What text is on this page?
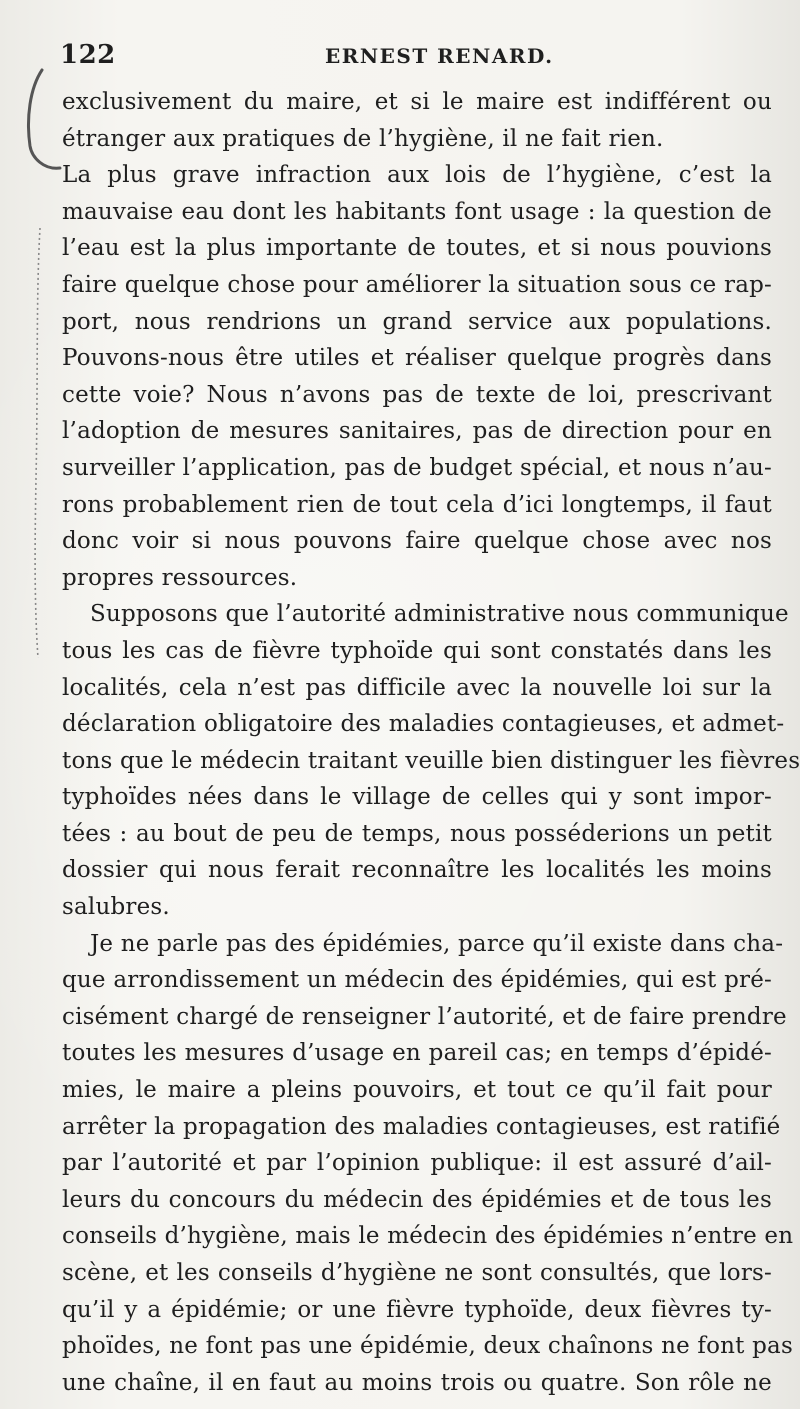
122	ERNEST RENARD.
exclusivement du maire, et si le maire est indifférent ou
étranger aux pratiques de l’hygiène, il ne fait rien.
La plus grave infraction aux lois de l’hygiène, c’est la
mauvaise eau dont les habitants font usage : la question de
l’eau est la plus importante de toutes, et si nous pouvions
faire quelque chose pour améliorer la situation sous ce rap-
port, nous rendrions un grand service aux populations.
Pouvons-nous être utiles et réaliser quelque progrès dans
cette voie? Nous n’avons pas de texte de loi, prescrivant
l’adoption de mesures sanitaires, pas de direction pour en
surveiller l’application, pas de budget spécial, et nous n’au-
rons probablement rien de tout cela d’ici longtemps, il faut
donc voir si nous pouvons faire quelque chose avec nos
propres ressources.
Supposons que l’autorité administrative nous communique
tous les cas de fièvre typhoïde qui sont constatés dans les
localités, cela n’est pas difficile avec la nouvelle loi sur la
déclaration obligatoire des maladies contagieuses, et admet-
tons que le médecin traitant veuille bien distinguer les fièvres
typhoïdes nées dans le village de celles qui y sont impor-
tées : au bout de peu de temps, nous posséderions un petit
dossier qui nous ferait reconnaître les localités les moins
salubres.
Je ne parle pas des épidémies, parce qu’il existe dans cha-
que arrondissement un médecin des épidémies, qui est pré-
cisément chargé de renseigner l’autorité, et de faire prendre
toutes les mesures d’usage en pareil cas; en temps d’épidé-
mies, le maire a pleins pouvoirs, et tout ce qu’il fait pour
arrêter la propagation des maladies contagieuses, est ratifié
par l’autorité et par l’opinion publique: il est assuré d’ail-
leurs du concours du médecin des épidémies et de tous les
conseils d’hygiène, mais le médecin des épidémies n’entre en
scène, et les conseils d’hygiène ne sont consultés, que lors-
qu’il y a épidémie; or une fièvre typhoïde, deux fièvres ty-
phoïdes, ne font pas une épidémie, deux chaînons ne font pas
une chaîne, il en faut au moins trois ou quatre. Son rôle ne
